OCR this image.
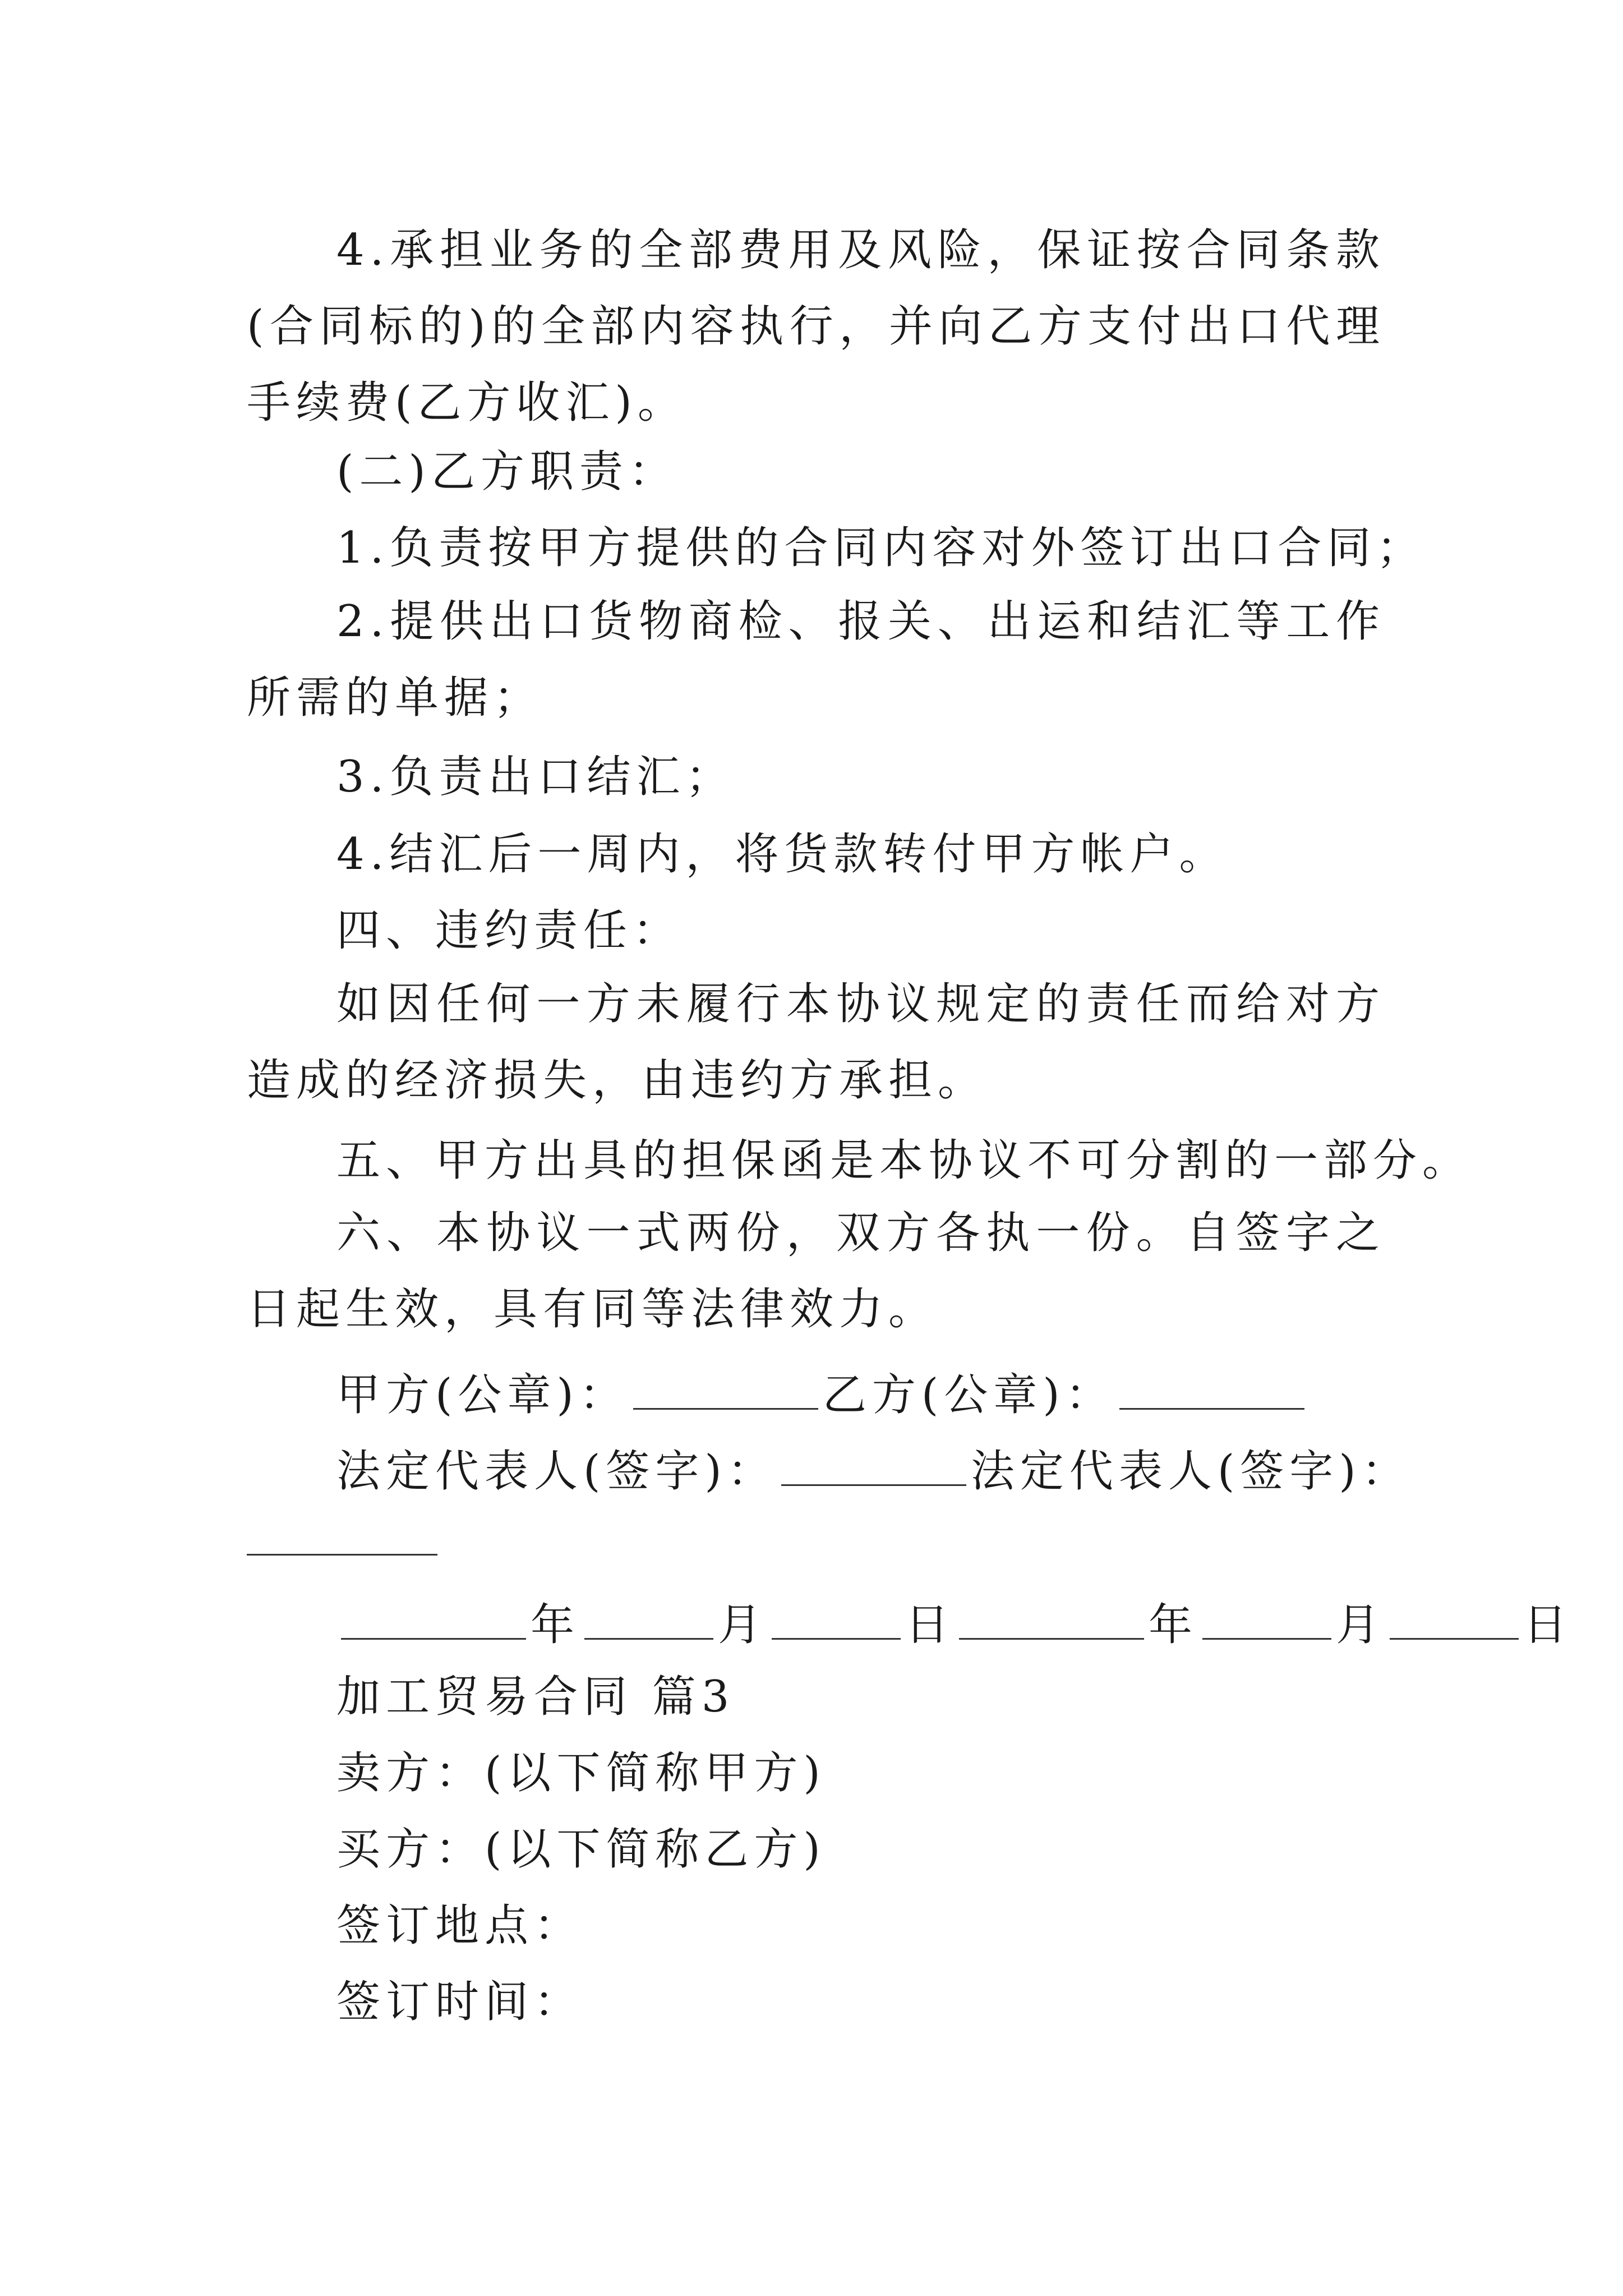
4.承担业务的全部费用及风险，保证按合同条款(合同标的)的全部内容执行，并向乙方支付出口代理手续费(乙方收汇)。
(二)乙方职责：
1.负责按甲方提供的合同内容对外签订出口合同；
2.提供出口货物商检、报关、出运和结汇等工作所需的单据；
3.负责出口结汇；
4.结汇后一周内，将货款转付甲方帐户。
四、违约责任：
如因任何一方未履行本协议规定的责任而给对方造成的经济损失，由违约方承担。
五、甲方出具的担保函是本协议不可分割的一部分。
六、本协议一式两份，双方各执一份。自签字之日起生效，具有同等法律效力。
甲方(公章)：	乙方(公章)：
法定代表人(签字)：	法定代表人(签字)：
年	月	日	年	月	日
加工贸易合同 篇3
卖方：(以下简称甲方)
买方：(以下简称乙方)
签订地点：
签订时间：
